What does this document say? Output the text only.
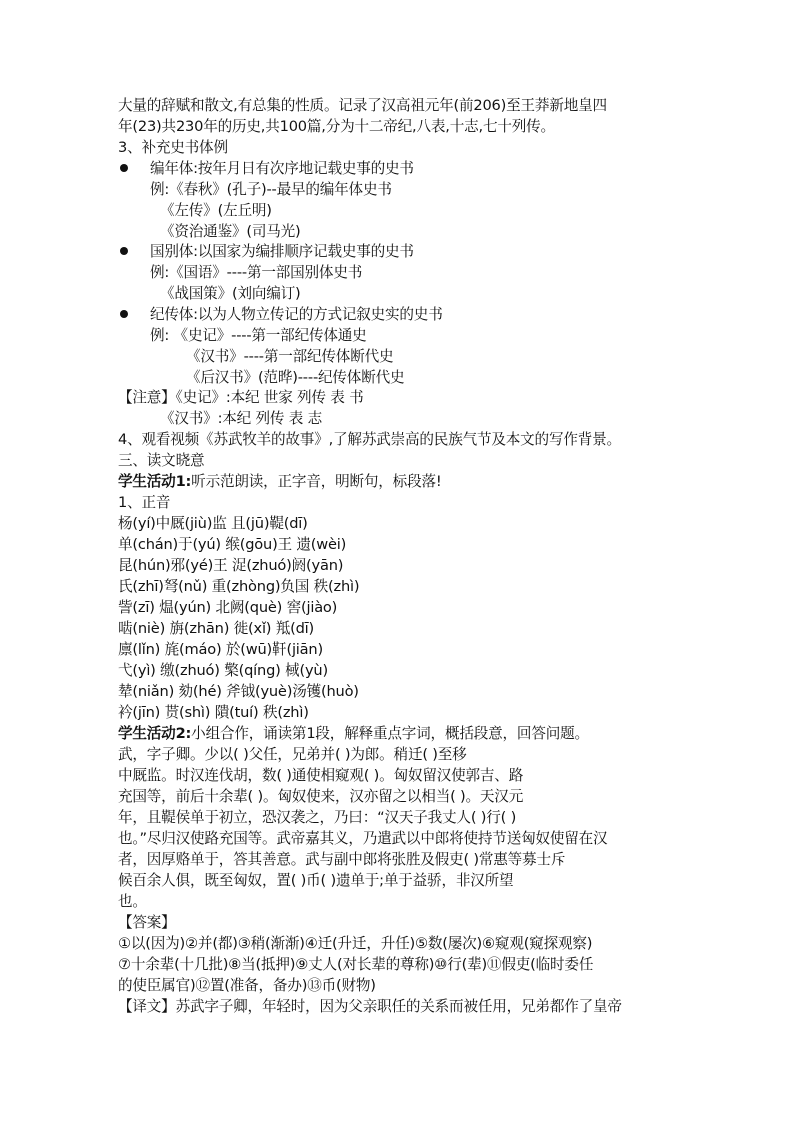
大量的辞赋和散文,有总集的性质。记录了汉高祖元年(前206)至王莽新地皇四
年(23)共230年的历史,共100篇,分为十二帝纪,八表,十志,七十列传。
3、补充史书体例
编年体:按年月日有次序地记载史事的史书
例:《春秋》(孔子)--最早的编年体史书
《左传》(左丘明)
《资治通鉴》(司马光)
国别体:以国家为编排顺序记载史事的史书
例:《国语》----第一部国别体史书
《战国策》(刘向编订)
纪传体:以为人物立传记的方式记叙史实的史书
例: 《史记》----第一部纪传体通史
《汉书》----第一部纪传体断代史
《后汉书》(范晔)----纪传体断代史
【注意】《史记》:本纪 世家 列传 表 书
《汉书》:本纪 列传 表 志
4、观看视频《苏武牧羊的故事》,了解苏武崇高的民族气节及本文的写作背景。
三、读文晓意
学生活动1:听示范朗读，正字音，明断句，标段落!
1、正音
杨(yí)中厩(jiù)监 且(jū)鞮(dī)
单(chán)于(yú) 缑(gōu)王 遗(wèi)
昆(hún)邪(yé)王 浞(zhuó)阏(yān)
氏(zhī)弩(nǔ) 重(zhòng)负国 秩(zhì)
訾(zī) 煴(yún) 北阙(què) 窖(jiào)
啮(niè) 旃(zhān) 徙(xǐ) 羝(dī)
廪(lǐn) 旄(máo) 於(wū)靬(jiān)
弋(yì) 缴(zhuó) 檠(qíng) 棫(yù)
辇(niǎn) 劾(hé) 斧钺(yuè)汤镬(huò)
衿(jīn) 贳(shì) 隤(tuí) 秩(zhì)
学生活动2:小组合作，诵读第1段，解释重点字词，概括段意，回答问题。
武，字子卿。少以( )父任，兄弟并( )为郎。稍迁( )至移
中厩监。时汉连伐胡，数( )通使相窥观( )。匈奴留汉使郭吉、路
充国等，前后十余辈( )。匈奴使来，汉亦留之以相当( )。天汉元
年，且鞮侯单于初立，恐汉袭之，乃曰：“汉天子我丈人( )行( )
也。”尽归汉使路充国等。武帝嘉其义，乃遣武以中郎将使持节送匈奴使留在汉
者，因厚赂单于，答其善意。武与副中郎将张胜及假吏( )常惠等募士斥
候百余人俱，既至匈奴，置( )币( )遗单于;单于益骄，非汉所望
也。
【答案】
①以(因为)②并(都)③稍(渐渐)④迁(升迁，升任)⑤数(屡次)⑥窥观(窥探观察)
⑦十余辈(十几批)⑧当(抵押)⑨丈人(对长辈的尊称)⑩行(辈)⑪假吏(临时委任
的使臣属官)⑫置(准备，备办)⑬币(财物)
【译文】苏武字子卿，年轻时，因为父亲职任的关系而被任用，兄弟都作了皇帝
